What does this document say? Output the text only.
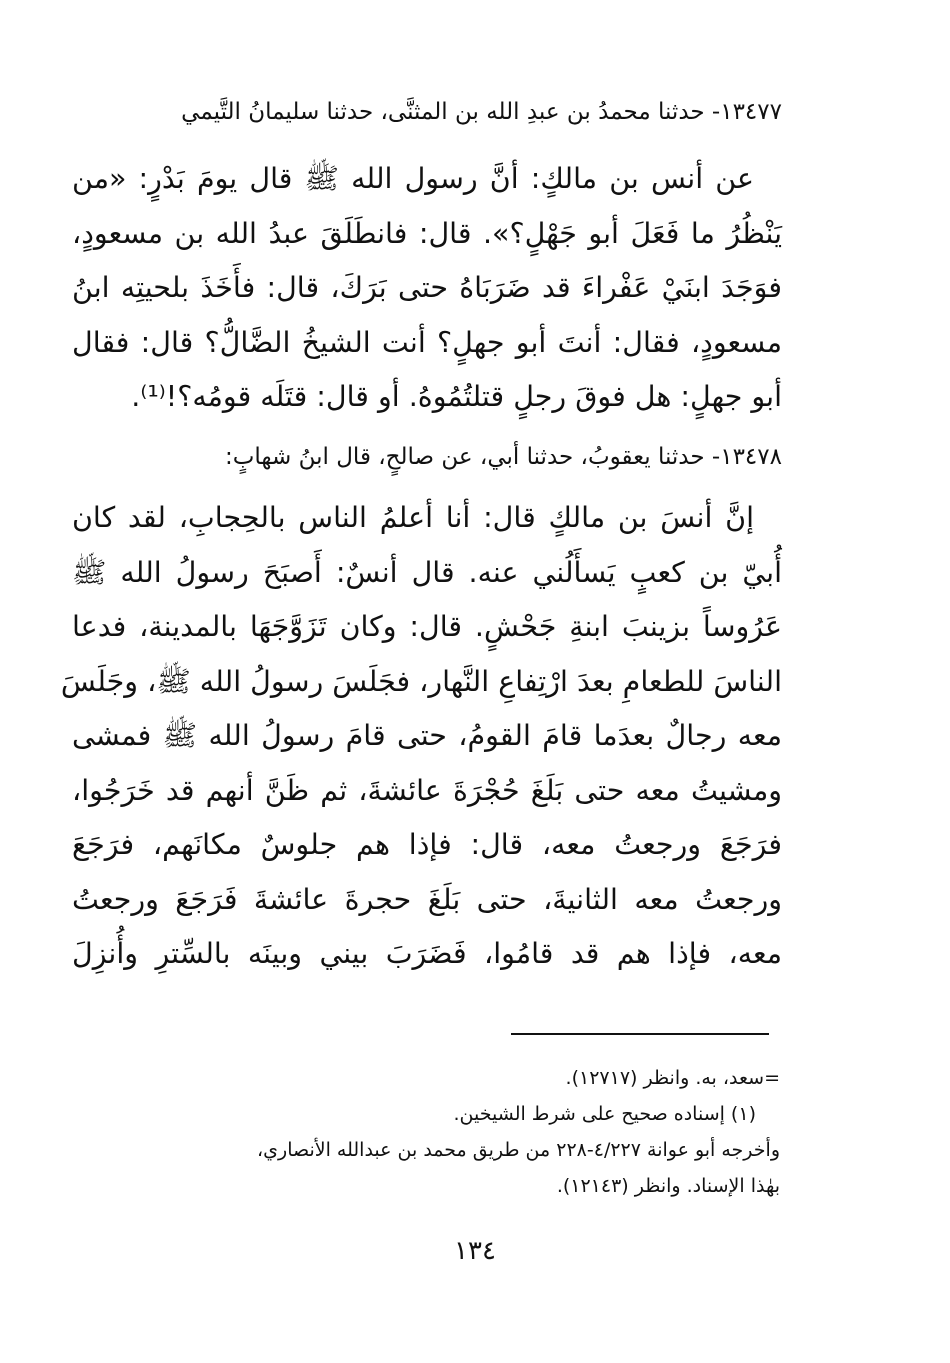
١٣٤٧٧- حدثنا محمدُ بن عبدِ الله بن المثنَّى، حدثنا سليمانُ التَّيمي
عن أنس بن مالكٍ: أنَّ رسول الله ﷺ قال يومَ بَدْرٍ: «من
يَنْظُرُ ما فَعَلَ أبو جَهْلٍ؟». قال: فانطَلَقَ عبدُ الله بن مسعودٍ،
فوَجَدَ ابنَيْ عَفْراءَ قد ضَرَبَاهُ حتى بَرَكَ، قال: فأَخَذَ بلحيتِه ابنُ
مسعودٍ، فقال: أنتَ أبو جهلٍ؟ أنت الشيخُ الضَّالُّ؟ قال: فقال
أبو جهلٍ: هل فوقَ رجلٍ قتلتُمُوهُ. أو قال: قتَلَه قومُه؟!⁽¹⁾.
١٣٤٧٨- حدثنا يعقوبُ، حدثنا أبي، عن صالحٍ، قال ابنُ شهابٍ:
إنَّ أنسَ بن مالكٍ قال: أنا أعلمُ الناس بالحِجابِ، لقد كان
أُبيّ بن كعبٍ يَسأَلُني عنه. قال أنسٌ: أَصبَحَ رسولُ الله ﷺ
عَرُوساً بزينبَ ابنةِ جَحْشٍ. قال: وكان تَزَوَّجَهَا بالمدينة، فدعا
الناسَ للطعامِ بعدَ ارْتِفاعِ النَّهار، فجَلَسَ رسولُ الله ﷺ، وجَلَسَ
معه رجالٌ بعدَما قامَ القومُ، حتى قامَ رسولُ الله ﷺ فمشى
ومشيتُ معه حتى بَلَغَ حُجْرَةَ عائشةَ، ثم ظَنَّ أنهم قد خَرَجُوا،
فرَجَعَ ورجعتُ معه، قال: فإذا هم جلوسٌ مكانَهم، فرَجَعَ
ورجعتُ معه الثانيةَ، حتى بَلَغَ حجرةَ عائشةَ فَرَجَعَ ورجعتُ
معه، فإذا هم قد قامُوا، فَضَرَبَ بيني وبينَه بالسِّترِ وأُنزِلَ
=سعد، به. وانظر (١٢٧١٧).
(١) إسناده صحيح على شرط الشيخين.
وأخرجه أبو عوانة ٤/٢٢٧-٢٢٨ من طريق محمد بن عبدالله الأنصاري،
بهٰذا الإسناد. وانظر (١٢١٤٣).
١٣٤
